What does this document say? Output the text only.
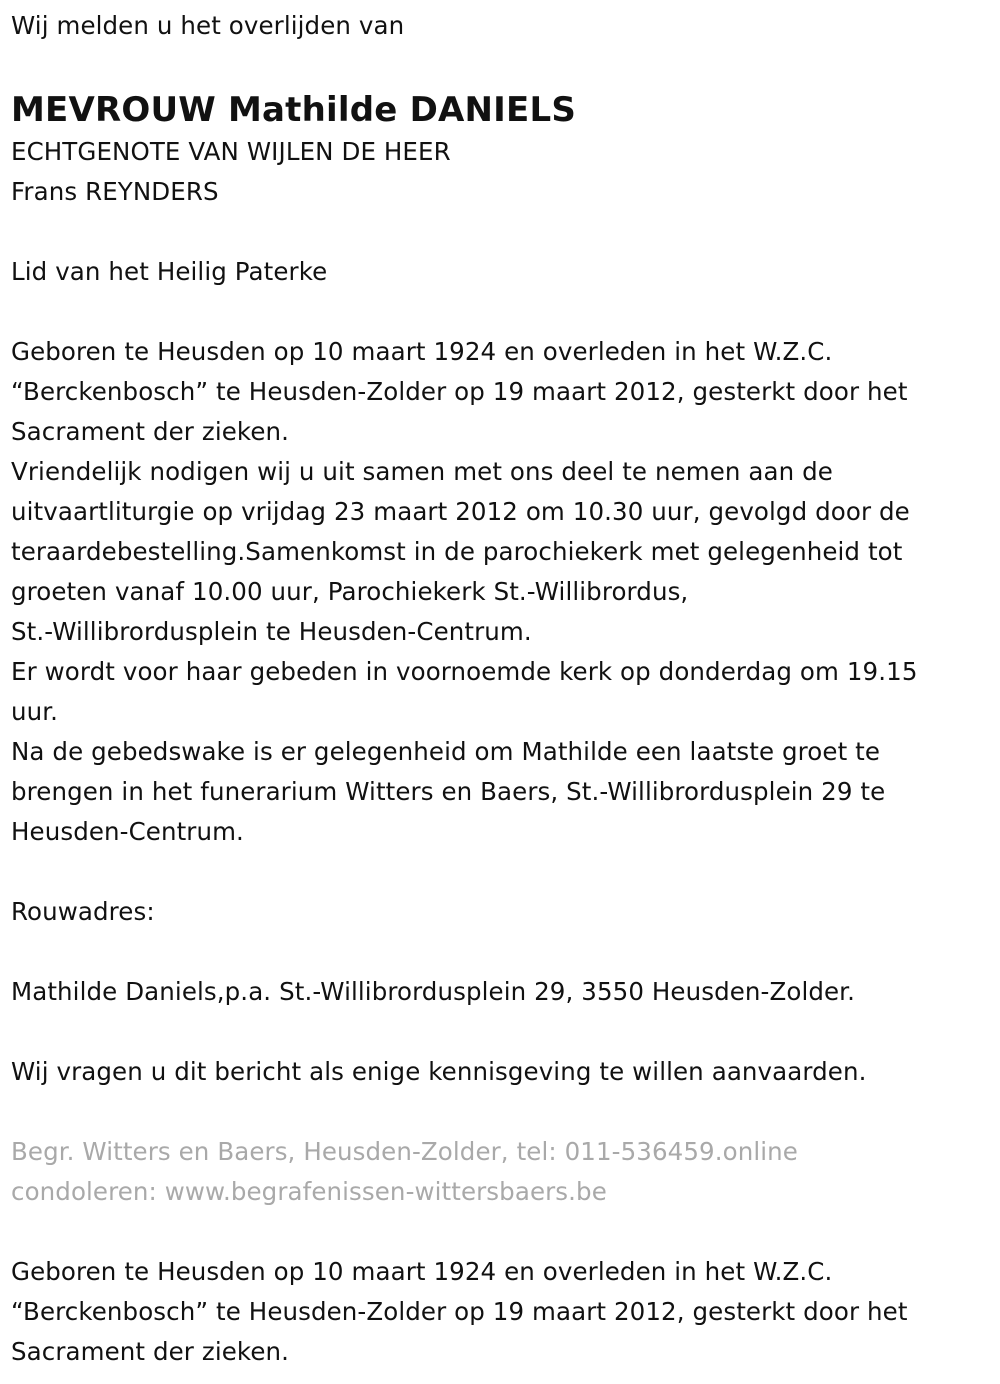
Wij melden u het overlijden van
MEVROUW Mathilde DANIELS
ECHTGENOTE VAN WIJLEN DE HEER
Frans REYNDERS
Lid van het Heilig Paterke
Geboren te Heusden op 10 maart 1924 en overleden in het W.Z.C.
“Berckenbosch” te Heusden-Zolder op 19 maart 2012, gesterkt door het
Sacrament der zieken.
Vriendelijk nodigen wij u uit samen met ons deel te nemen aan de
uitvaartliturgie op vrijdag 23 maart 2012 om 10.30 uur, gevolgd door de
teraardebestelling.Samenkomst in de parochiekerk met gelegenheid tot
groeten vanaf 10.00 uur, Parochiekerk St.-Willibrordus,
St.-Willibrordusplein te Heusden-Centrum.
Er wordt voor haar gebeden in voornoemde kerk op donderdag om 19.15
uur.
Na de gebedswake is er gelegenheid om Mathilde een laatste groet te
brengen in het funerarium Witters en Baers, St.-Willibrordusplein 29 te
Heusden-Centrum.
Rouwadres:
Mathilde Daniels,p.a. St.-Willibrordusplein 29, 3550 Heusden-Zolder.
Wij vragen u dit bericht als enige kennisgeving te willen aanvaarden.
Begr. Witters en Baers, Heusden-Zolder, tel: 011-536459.online
condoleren: www.begrafenissen-wittersbaers.be
Geboren te Heusden op 10 maart 1924 en overleden in het W.Z.C.
“Berckenbosch” te Heusden-Zolder op 19 maart 2012, gesterkt door het
Sacrament der zieken.
